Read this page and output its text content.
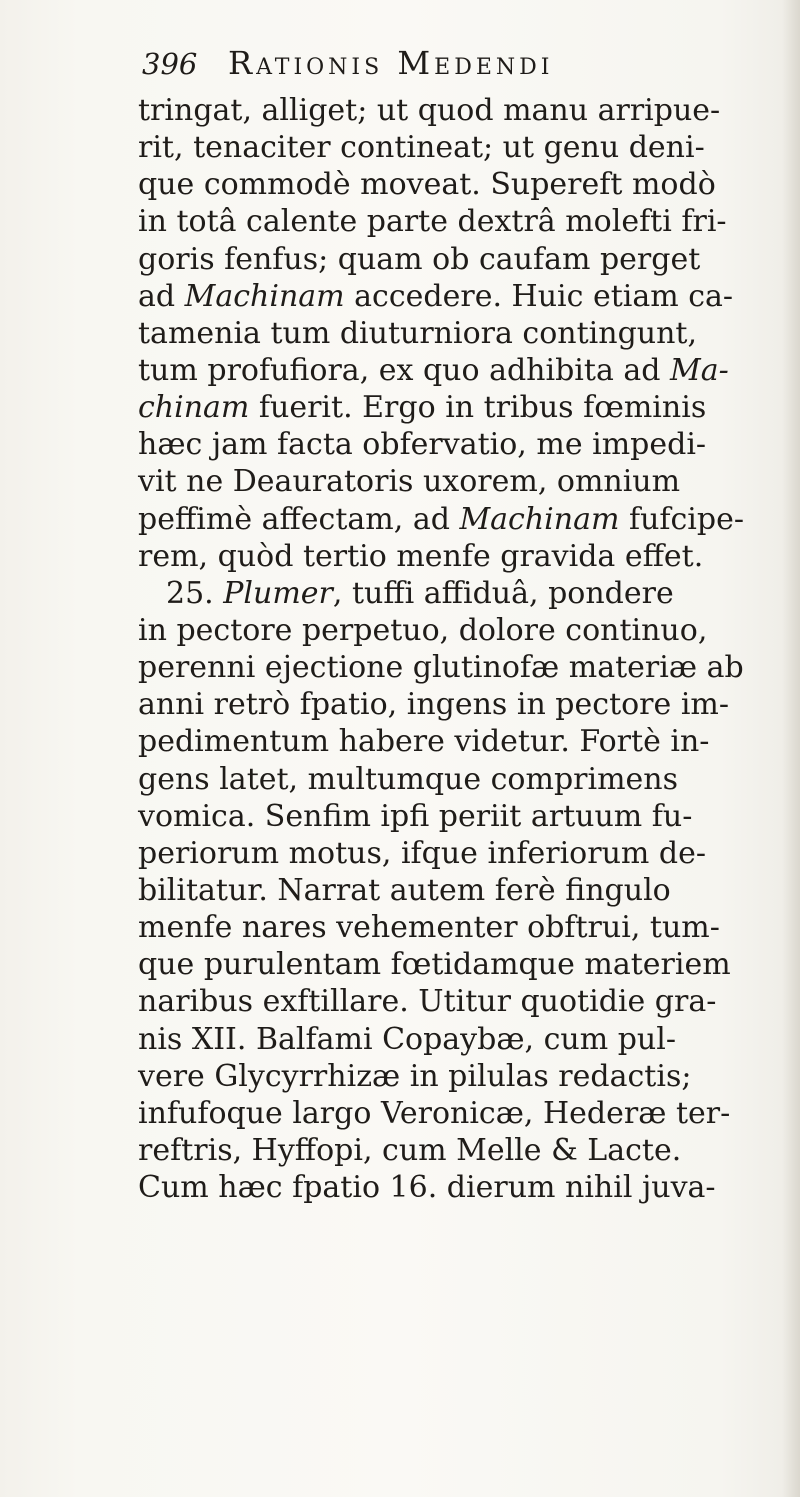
396 Rationis Medendi
tringat, alliget; ut quod manu arripue-
rit, tenaciter contineat; ut genu deni-
que commodè moveat. Supereft modò
in totâ calente parte dextrâ molefti fri-
goris fenfus; quam ob caufam perget
ad Machinam accedere. Huic etiam ca-
tamenia tum diuturniora contingunt,
tum profufiora, ex quo adhibita ad Ma-
chinam fuerit. Ergo in tribus fœminis
hæc jam facta obfervatio, me impedi-
vit ne Deauratoris uxorem, omnium
peffimè affectam, ad Machinam fufcipe-
rem, quòd tertio menfe gravida effet.
25. Plumer, tuffi affiduâ, pondere
in pectore perpetuo, dolore continuo,
perenni ejectione glutinofæ materiæ ab
anni retrò fpatio, ingens in pectore im-
pedimentum habere videtur. Fortè in-
gens latet, multumque comprimens
vomica. Senfim ipfi periit artuum fu-
periorum motus, ifque inferiorum de-
bilitatur. Narrat autem ferè fingulo
menfe nares vehementer obftrui, tum-
que purulentam fœtidamque materiem
naribus exftillare. Utitur quotidie gra-
nis XII. Balfami Copaybæ, cum pul-
vere Glycyrrhizæ in pilulas redactis;
infufoque largo Veronicæ, Hederæ ter-
reftris, Hyffopi, cum Melle & Lacte.
Cum hæc fpatio 16. dierum nihil juva-
